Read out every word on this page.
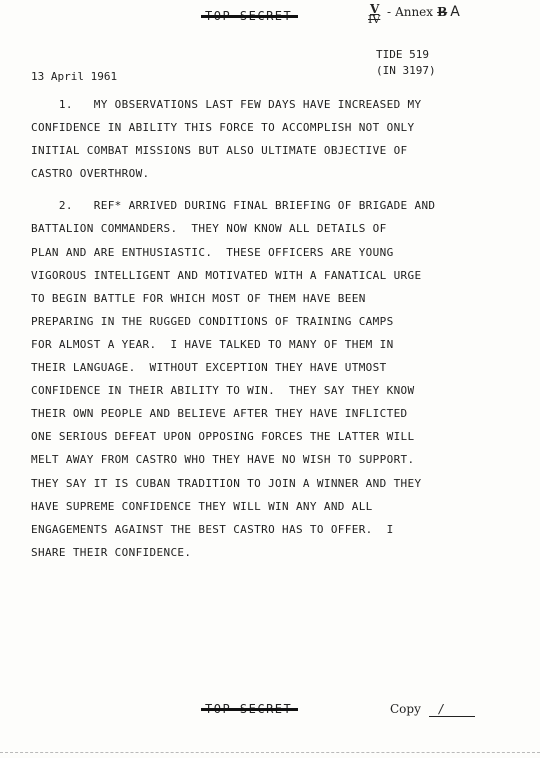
$\frac{V}{IV}$ - Annex B A
TIDE 519
(IN 3197)
13 April 1961
1.   MY OBSERVATIONS LAST FEW DAYS HAVE INCREASED MY
CONFIDENCE IN ABILITY THIS FORCE TO ACCOMPLISH NOT ONLY
INITIAL COMBAT MISSIONS BUT ALSO ULTIMATE OBJECTIVE OF
CASTRO OVERTHROW.
2.   REF* ARRIVED DURING FINAL BRIEFING OF BRIGADE AND
BATTALION COMMANDERS.  THEY NOW KNOW ALL DETAILS OF
PLAN AND ARE ENTHUSIASTIC.  THESE OFFICERS ARE YOUNG
VIGOROUS INTELLIGENT AND MOTIVATED WITH A FANATICAL URGE
TO BEGIN BATTLE FOR WHICH MOST OF THEM HAVE BEEN
PREPARING IN THE RUGGED CONDITIONS OF TRAINING CAMPS
FOR ALMOST A YEAR.  I HAVE TALKED TO MANY OF THEM IN
THEIR LANGUAGE.  WITHOUT EXCEPTION THEY HAVE UTMOST
CONFIDENCE IN THEIR ABILITY TO WIN.  THEY SAY THEY KNOW
THEIR OWN PEOPLE AND BELIEVE AFTER THEY HAVE INFLICTED
ONE SERIOUS DEFEAT UPON OPPOSING FORCES THE LATTER WILL
MELT AWAY FROM CASTRO WHO THEY HAVE NO WISH TO SUPPORT.
THEY SAY IT IS CUBAN TRADITION TO JOIN A WINNER AND THEY
HAVE SUPREME CONFIDENCE THEY WILL WIN ANY AND ALL
ENGAGEMENTS AGAINST THE BEST CASTRO HAS TO OFFER.  I
SHARE THEIR CONFIDENCE.
Copy /
